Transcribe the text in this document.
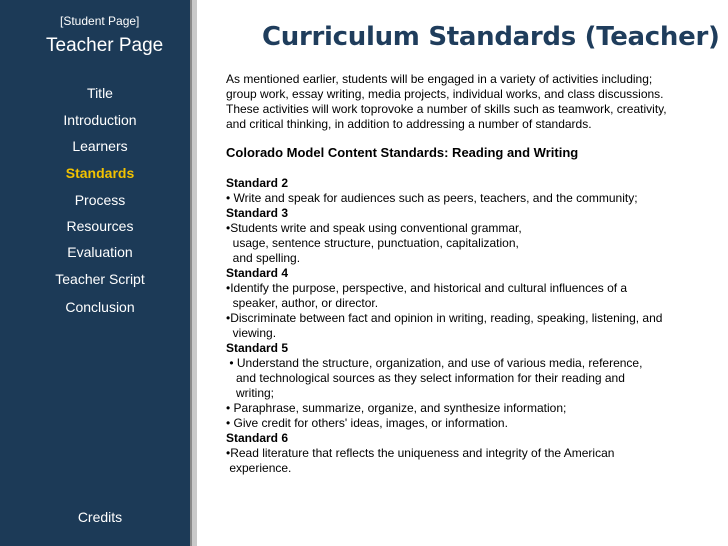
[Student Page]
Teacher Page
Title
Introduction
Learners
Standards
Process
Resources
Evaluation
Teacher Script
Conclusion
Credits
Curriculum Standards (Teacher)

As mentioned earlier, students will be engaged in a variety of activities including;

group work, essay writing, media projects, individual works, and class discussions.

These activities will work toprovoke a number of skills such as teamwork, creativity,

and critical thinking, in addition to addressing a number of standards.

Colorado Model Content Standards: Reading and Writing

Standard 2

• Write and speak for audiences such as peers, teachers, and the community;

Standard 3

•Students write and speak using conventional grammar,

usage, sentence structure, punctuation, capitalization,

and spelling.

Standard 4

•Identify the purpose, perspective, and historical and cultural influences of a

speaker, author, or director.

•Discriminate between fact and opinion in writing, reading, speaking, listening, and

viewing.

Standard 5

• Understand the structure, organization, and use of various media, reference,

and technological sources as they select information for their reading and

writing;

• Paraphrase, summarize, organize, and synthesize information;

• Give credit for others' ideas, images, or information.

Standard 6

•Read literature that reflects the uniqueness and integrity of the American

experience.
